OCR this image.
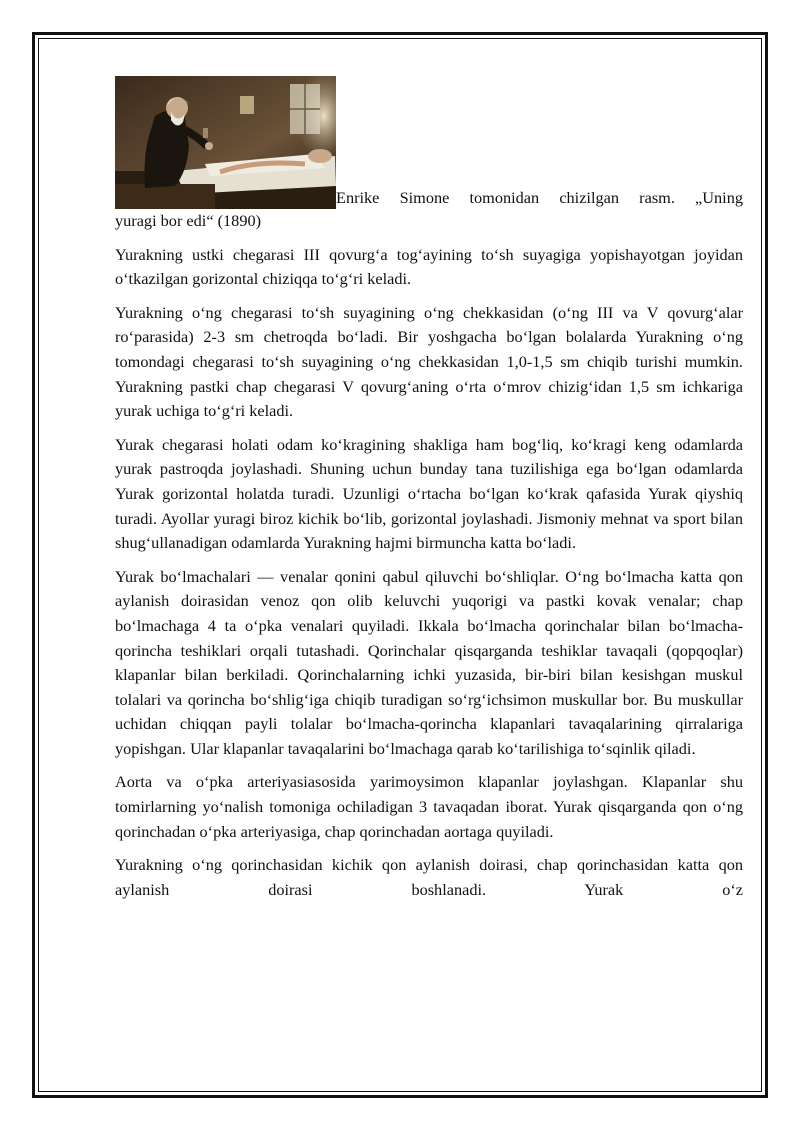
Enrike Simone tomonidan chizilgan rasm. „Uning

yuragi bor edi“ (1890)

Yurakning ustki chegarasi III qovurg‘a tog‘ayining to‘sh suyagiga yopishayotgan joyidan o‘tkazilgan gorizontal chiziqqa to‘g‘ri keladi.

Yurakning o‘ng chegarasi to‘sh suyagining o‘ng chekkasidan (o‘ng III va V qovurg‘alar ro‘parasida) 2-3 sm chetroqda bo‘ladi. Bir yoshgacha bo‘lgan bolalarda Yurakning o‘ng tomondagi chegarasi to‘sh suyagining o‘ng chekkasidan 1,0-1,5 sm chiqib turishi mumkin. Yurakning pastki chap chegarasi V qovurg‘aning o‘rta o‘mrov chizig‘idan 1,5 sm ichkariga yurak uchiga to‘g‘ri keladi.

Yurak chegarasi holati odam ko‘kragining shakliga ham bog‘liq, ko‘kragi keng odamlarda yurak pastroqda joylashadi. Shuning uchun bunday tana tuzilishiga ega bo‘lgan odamlarda Yurak gorizontal holatda turadi. Uzunligi o‘rtacha bo‘lgan ko‘krak qafasida Yurak qiyshiq turadi. Ayollar yuragi biroz kichik bo‘lib, gorizontal joylashadi. Jismoniy mehnat va sport bilan shug‘ullanadigan odamlarda Yurakning hajmi birmuncha katta bo‘ladi.

Yurak bo‘lmachalari — venalar qonini qabul qiluvchi bo‘shliqlar. O‘ng bo‘lmacha katta qon aylanish doirasidan venoz qon olib keluvchi yuqorigi va pastki kovak venalar; chap bo‘lmachaga 4 ta o‘pka venalari quyiladi. Ikkala bo‘lmacha qorinchalar bilan bo‘lmacha-qorincha teshiklari orqali tutashadi. Qorinchalar qisqarganda teshiklar tavaqali (qopqoqlar) klapanlar bilan berkiladi. Qorinchalarning ichki yuzasida, bir-biri bilan kesishgan muskul tolalari va qorincha bo‘shlig‘iga chiqib turadigan so‘rg‘ichsimon muskullar bor. Bu muskullar uchidan chiqqan payli tolalar bo‘lmacha-qorincha klapanlari tavaqalarining qirralariga yopishgan. Ular klapanlar tavaqalarini bo‘lmachaga qarab ko‘tarilishiga to‘sqinlik qiladi.

Aorta va o‘pka arteriyasiasosida yarimoysimon klapanlar joylashgan. Klapanlar shu tomirlarning yo‘nalish tomoniga ochiladigan 3 tavaqadan iborat. Yurak qisqarganda qon o‘ng qorinchadan o‘pka arteriyasiga, chap qorinchadan aortaga quyiladi.

Yurakning o‘ng qorinchasidan kichik qon aylanish doirasi, chap qorinchasidan katta qon aylanish doirasi boshlanadi. Yurak o‘z
